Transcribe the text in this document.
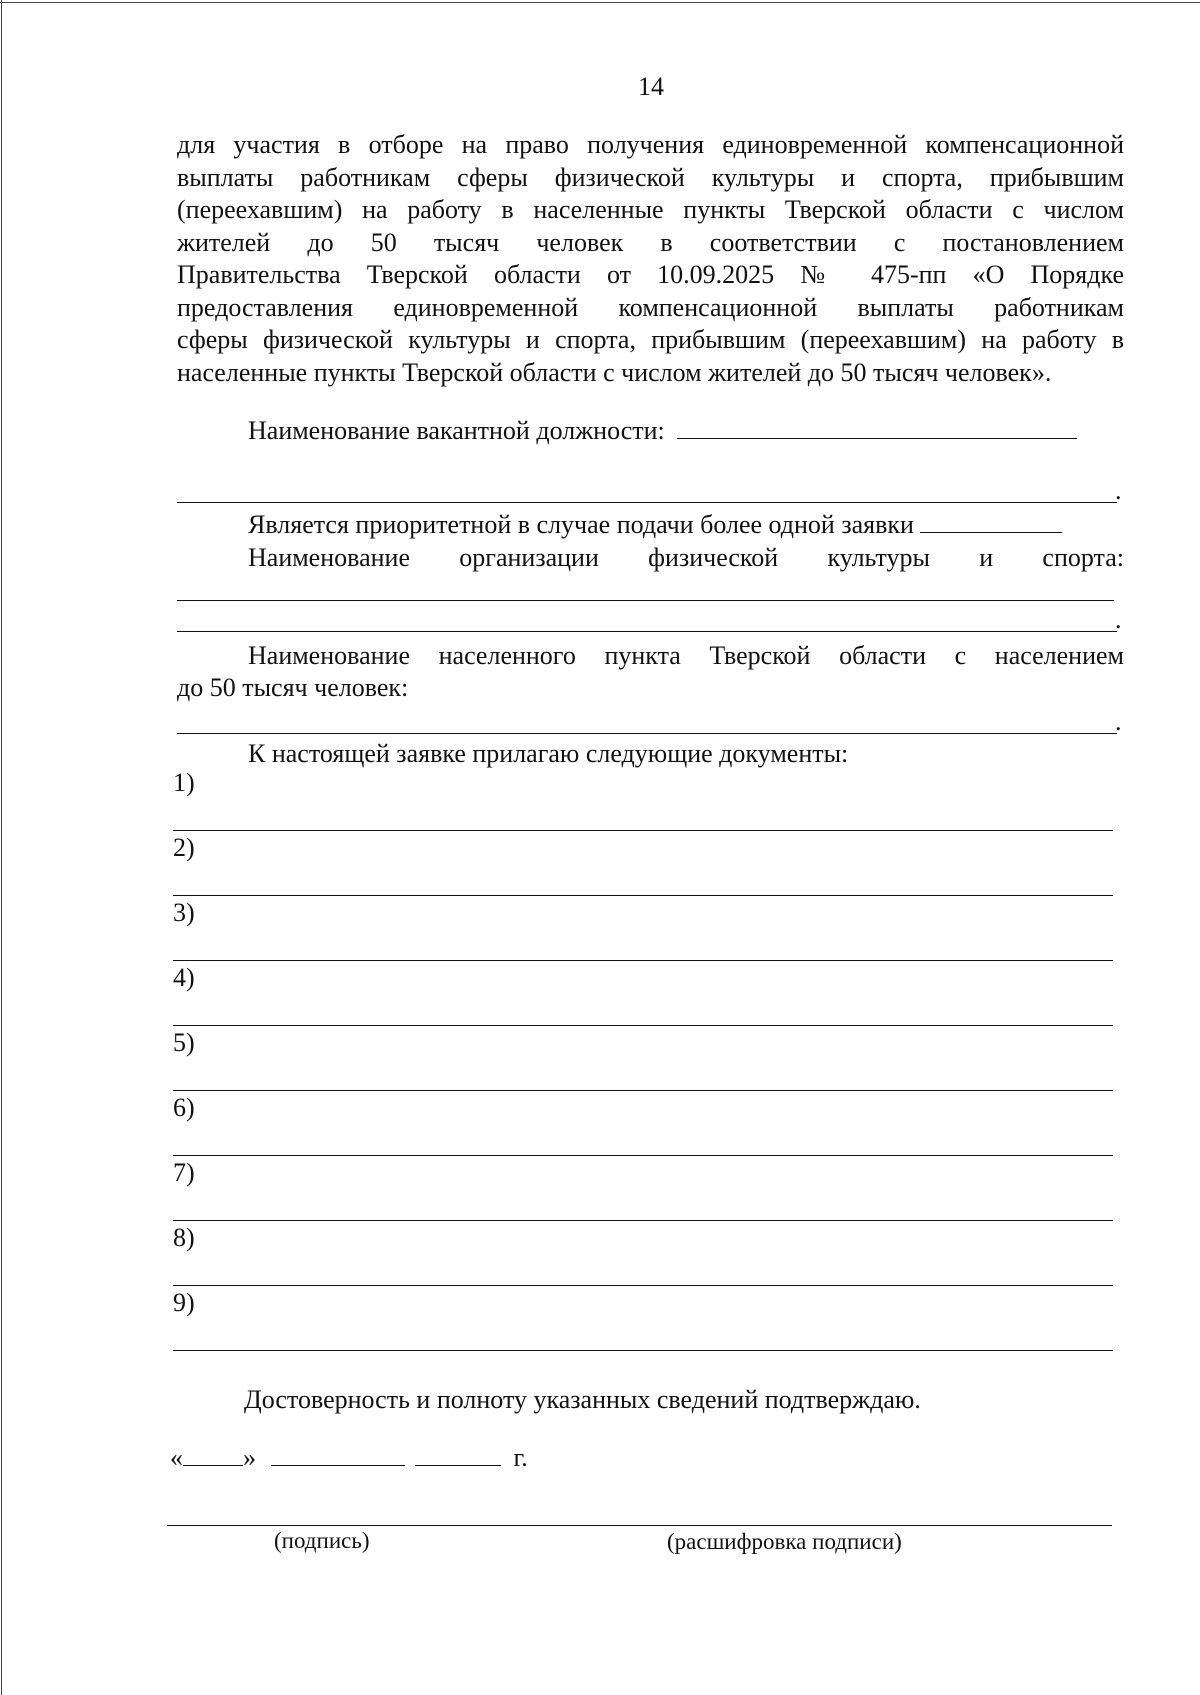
14

для участия в отборе на право получения единовременной компенсационной
выплаты работникам сферы физической культуры и спорта, прибывшим
(переехавшим) на работу в населенные пункты Тверской области с числом
жителей до 50 тысяч человек в соответствии с постановлением
Правительства Тверской области от 10.09.2025 № 475-пп «О Порядке
предоставления единовременной компенсационной выплаты работникам
сферы физической культуры и спорта, прибывшим (переехавшим) на работу в
населенные пункты Тверской области с числом жителей до 50 тысяч человек».

Наименование вакантной должности:
.
Является приоритетной в случае подачи более одной заявки
Наименование организации физической культуры и спорта:
.
Наименование населенного пункта Тверской области с населением
до 50 тысяч человек:
.
К настоящей заявке прилагаю следующие документы:
1)
2)
3)
4)
5)
6)
7)
8)
9)
Достоверность и полноту указанных сведений подтверждаю.
« »	г.
(подпись)	(расшифровка подписи)
